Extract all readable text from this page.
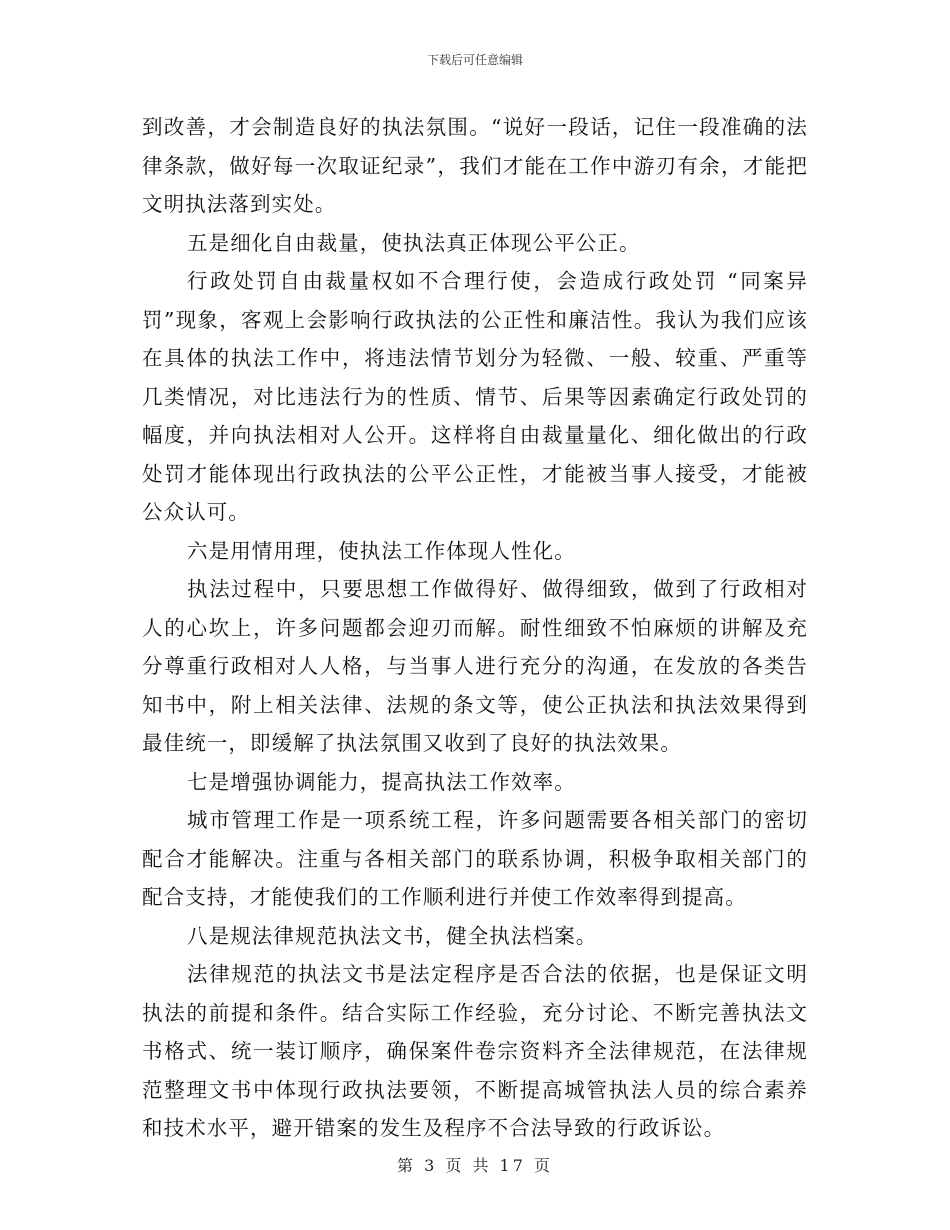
下载后可任意编辑

到改善，才会制造良好的执法氛围。“说好一段话，记住一段准确的法律条款，做好每一次取证纪录”，我们才能在工作中游刃有余，才能把文明执法落到实处。

五是细化自由裁量，使执法真正体现公平公正。

行政处罚自由裁量权如不合理行使，会造成行政处罚 “同案异罚”现象，客观上会影响行政执法的公正性和廉洁性。我认为我们应该在具体的执法工作中，将违法情节划分为轻微、一般、较重、严重等几类情况，对比违法行为的性质、情节、后果等因素确定行政处罚的幅度，并向执法相对人公开。这样将自由裁量量化、细化做出的行政处罚才能体现出行政执法的公平公正性，才能被当事人接受，才能被公众认可。

六是用情用理，使执法工作体现人性化。

执法过程中，只要思想工作做得好、做得细致，做到了行政相对人的心坎上，许多问题都会迎刃而解。耐性细致不怕麻烦的讲解及充分尊重行政相对人人格，与当事人进行充分的沟通，在发放的各类告知书中，附上相关法律、法规的条文等，使公正执法和执法效果得到最佳统一，即缓解了执法氛围又收到了良好的执法效果。

七是增强协调能力，提高执法工作效率。

城市管理工作是一项系统工程，许多问题需要各相关部门的密切配合才能解决。注重与各相关部门的联系协调，积极争取相关部门的配合支持，才能使我们的工作顺利进行并使工作效率得到提高。

八是规法律规范执法文书，健全执法档案。

法律规范的执法文书是法定程序是否合法的依据，也是保证文明执法的前提和条件。结合实际工作经验，充分讨论、不断完善执法文书格式、统一装订顺序，确保案件卷宗资料齐全法律规范，在法律规范整理文书中体现行政执法要领，不断提高城管执法人员的综合素养和技术水平，避开错案的发生及程序不合法导致的行政诉讼。

第 3 页 共 17 页
